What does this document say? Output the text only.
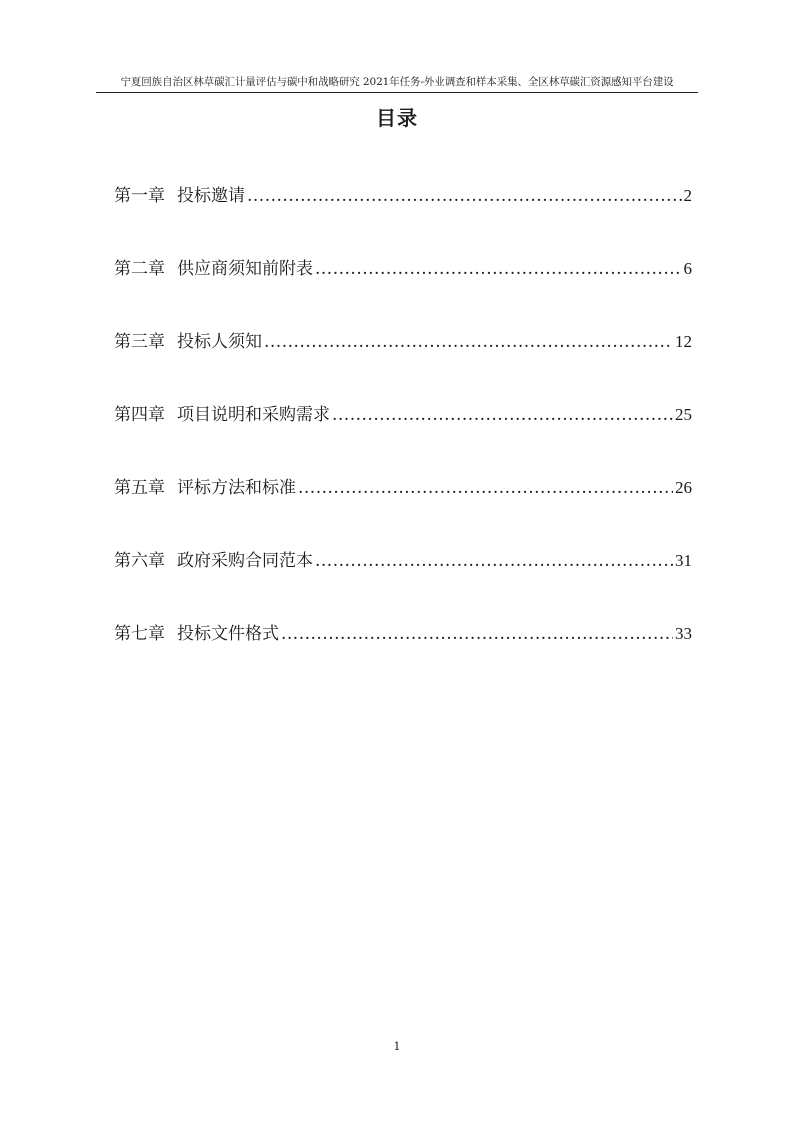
宁夏回族自治区林草碳汇计量评估与碳中和战略研究 2021年任务-外业调查和样本采集、全区林草碳汇资源感知平台建设
目录
第一章 投标邀请 .....	2
第二章 供应商须知前附表 .....	6
第三章 投标人须知 .....	12
第四章 项目说明和采购需求 .....	25
第五章 评标方法和标准 .....	26
第六章 政府采购合同范本 .....	31
第七章 投标文件格式 .....	33
1
